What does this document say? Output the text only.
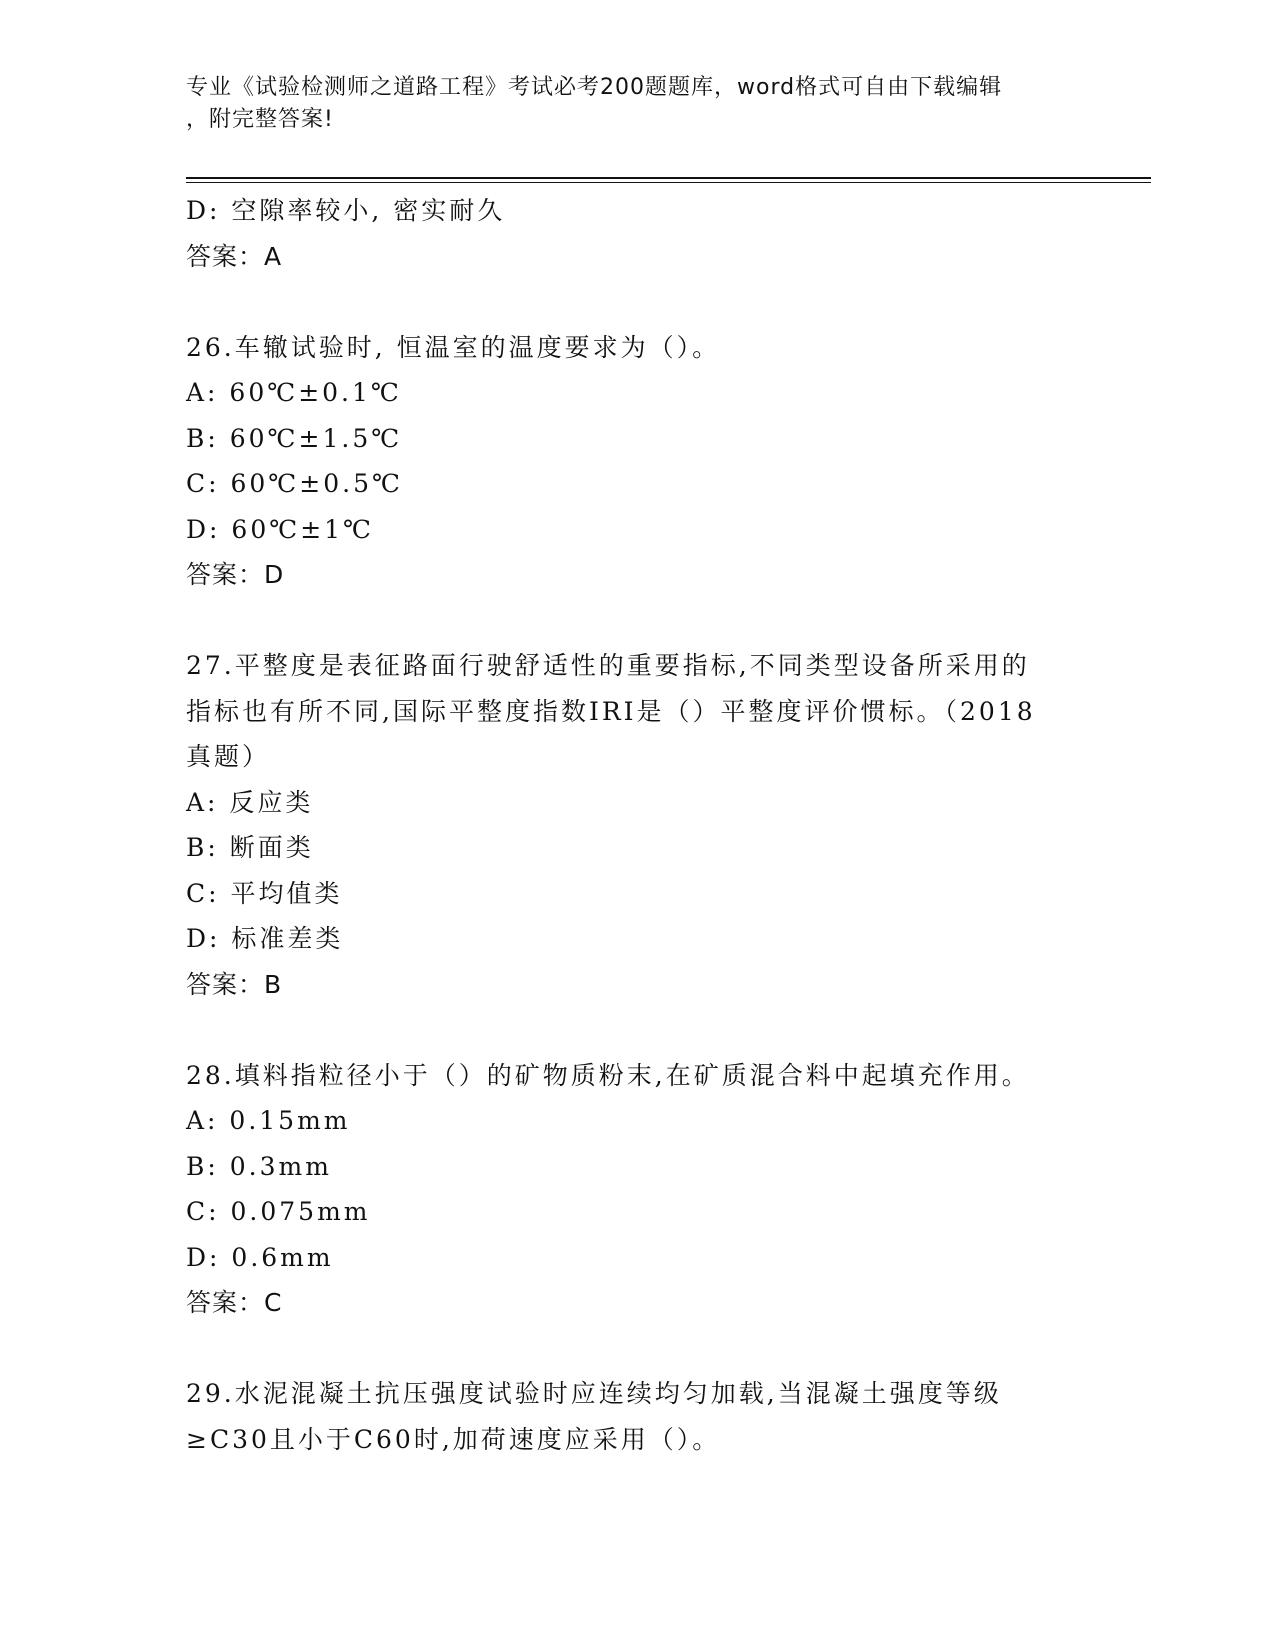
专业《试验检测师之道路工程》考试必考200题题库，word格式可自由下载编辑
，附完整答案!
D: 空隙率较小, 密实耐久
答案：A
26.车辙试验时, 恒温室的温度要求为（）。
A: 60℃±0.1℃
B: 60℃±1.5℃
C: 60℃±0.5℃
D: 60℃±1℃
答案：D
27.平整度是表征路面行驶舒适性的重要指标,不同类型设备所采用的
指标也有所不同,国际平整度指数IRI是（）平整度评价惯标。（2018
真题）
A: 反应类
B: 断面类
C: 平均值类
D: 标准差类
答案：B
28.填料指粒径小于（）的矿物质粉末,在矿质混合料中起填充作用。
A: 0.15mm
B: 0.3mm
C: 0.075mm
D: 0.6mm
答案：C
29.水泥混凝土抗压强度试验时应连续均匀加载,当混凝土强度等级
≥C30且小于C60时,加荷速度应采用（）。
